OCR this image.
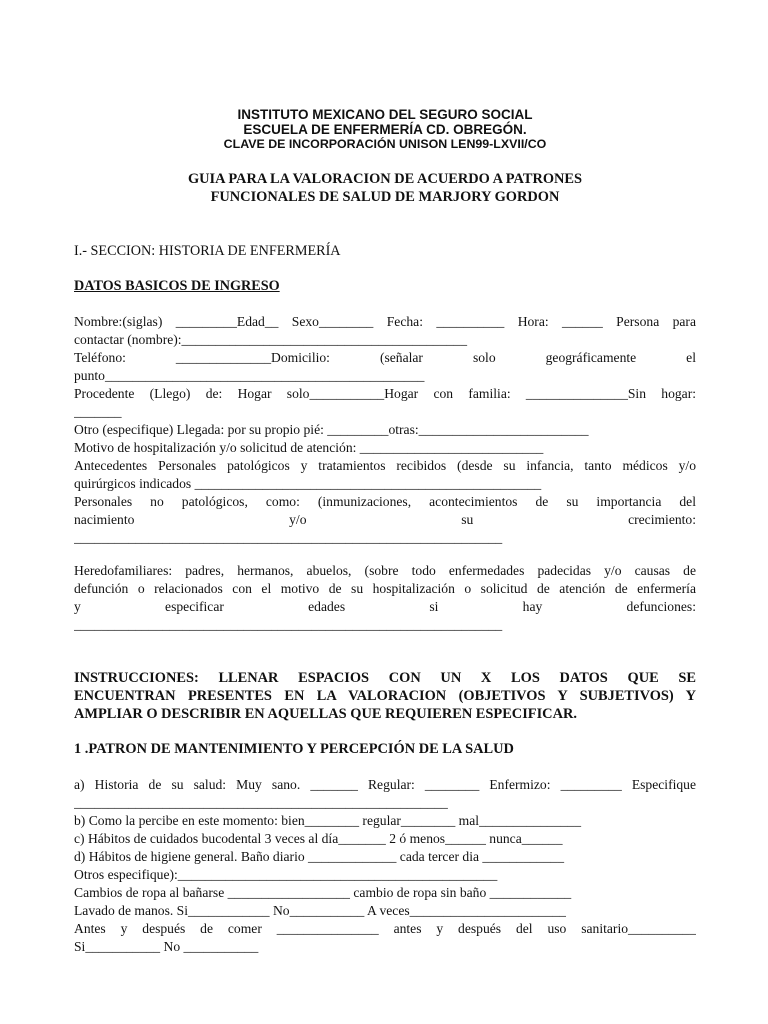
INSTITUTO MEXICANO DEL SEGURO SOCIAL
ESCUELA DE ENFERMERÍA CD. OBREGÓN.
CLAVE DE INCORPORACIÓN UNISON LEN99-LXVII/CO
GUIA PARA LA VALORACION DE ACUERDO A PATRONES
FUNCIONALES DE SALUD DE MARJORY GORDON
I.- SECCION: HISTORIA DE ENFERMERÍA
DATOS BASICOS DE INGRESO
Nombre:(siglas) _________Edad__ Sexo________ Fecha: __________ Hora: ______ Persona para
contactar (nombre):__________________________________________
Teléfono: ______________Domicilio: (señalar solo geográficamente el
punto_______________________________________________
Procedente (Llego) de: Hogar solo___________Hogar con familia: _______________Sin hogar:
_______
Otro (especifique) Llegada: por su propio pié: _________otras:_________________________
Motivo de hospitalización y/o solicitud de atención: ___________________________
Antecedentes Personales patológicos y tratamientos recibidos (desde su infancia, tanto médicos y/o
quirúrgicos indicados ___________________________________________________
Personales no patológicos, como: (inmunizaciones, acontecimientos de su importancia del
nacimiento y/o su crecimiento:
_______________________________________________________________
Heredofamiliares: padres, hermanos, abuelos, (sobre todo enfermedades padecidas y/o causas de
defunción o relacionados con el motivo de su hospitalización o solicitud de atención de enfermería
y especificar edades si hay defunciones:
_______________________________________________________________
INSTRUCCIONES: LLENAR ESPACIOS CON UN X LOS DATOS QUE SE
ENCUENTRAN PRESENTES EN LA VALORACION (OBJETIVOS Y SUBJETIVOS) Y
AMPLIAR O DESCRIBIR EN AQUELLAS QUE REQUIEREN ESPECIFICAR.
1 .PATRON DE MANTENIMIENTO Y PERCEPCIÓN DE LA SALUD
a) Historia de su salud: Muy sano. _______ Regular: ________ Enfermizo: _________ Especifique
_______________________________________________________
b) Como la percibe en este momento: bien________ regular________ mal_______________
c) Hábitos de cuidados bucodental 3 veces al día_______ 2 ó menos______ nunca______
d) Hábitos de higiene general. Baño diario _____________ cada tercer dia ____________
Otros especifique):_______________________________________________
Cambios de ropa al bañarse __________________ cambio de ropa sin baño ____________
Lavado de manos. Si____________ No___________ A veces_______________________
Antes y después de comer _______________ antes y después del uso sanitario__________
Si___________ No ___________
